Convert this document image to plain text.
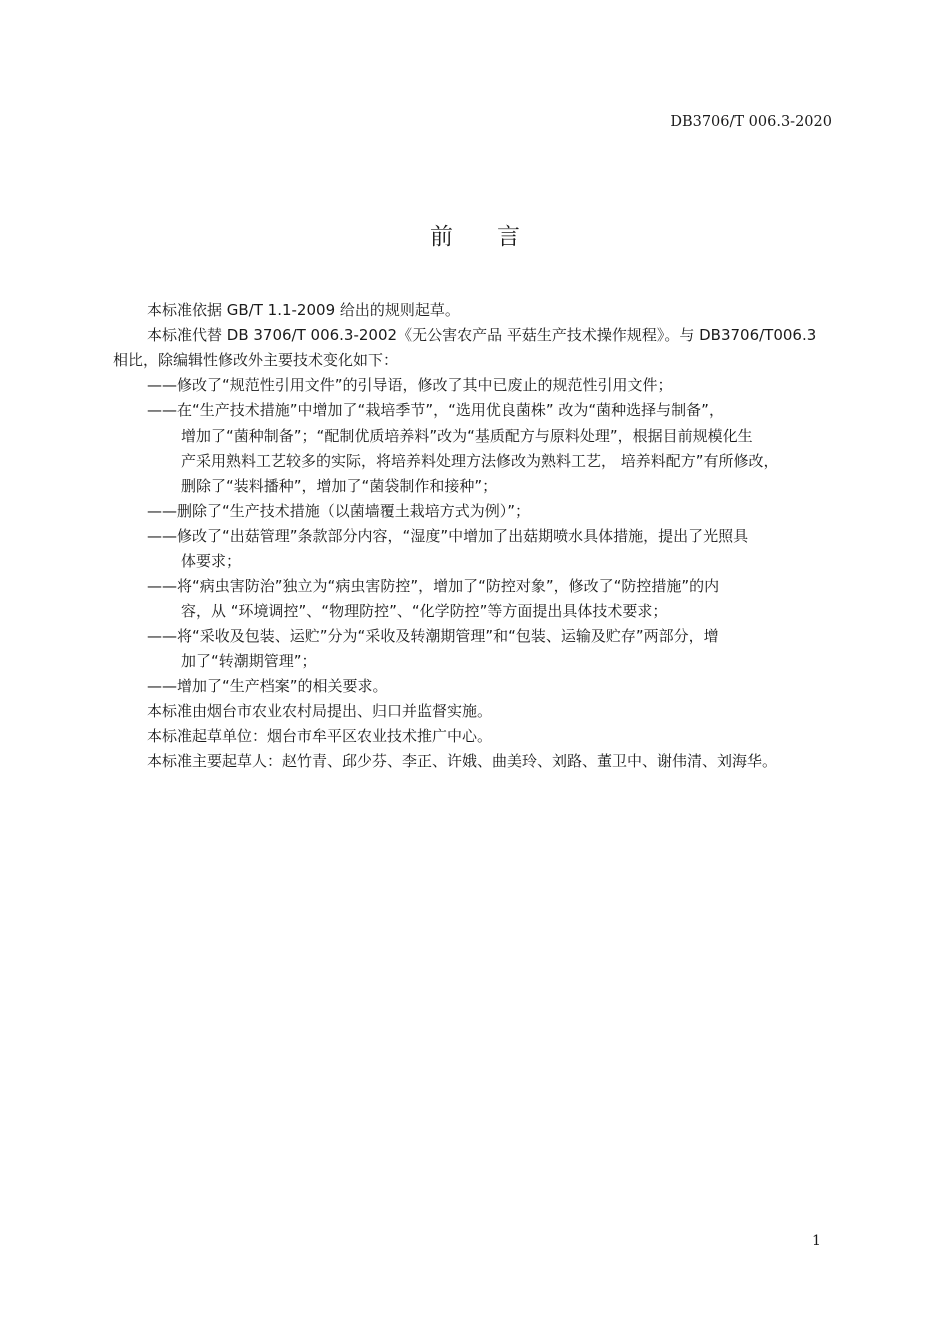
DB3706/T 006.3-2020
前言
本标准依据 GB/T 1.1-2009 给出的规则起草。
本标准代替 DB 3706/T 006.3-2002《无公害农产品 平菇生产技术操作规程》。与 DB3706/T006.3
相比，除编辑性修改外主要技术变化如下：
——修改了“规范性引用文件”的引导语，修改了其中已废止的规范性引用文件；
——在“生产技术措施”中增加了“栽培季节”，“选用优良菌株” 改为“菌种选择与制备”，
增加了“菌种制备”；“配制优质培养料”改为“基质配方与原料处理”，根据目前规模化生
产采用熟料工艺较多的实际，将培养料处理方法修改为熟料工艺， 培养料配方”有所修改，
删除了“装料播种”，增加了“菌袋制作和接种”；
——删除了“生产技术措施（以菌墙覆土栽培方式为例）”；
——修改了“出菇管理”条款部分内容，“湿度”中增加了出菇期喷水具体措施，提出了光照具
体要求；
——将“病虫害防治”独立为“病虫害防控”，增加了“防控对象”，修改了“防控措施”的内
容，从 “环境调控”、“物理防控”、“化学防控”等方面提出具体技术要求；
——将“采收及包装、运贮”分为“采收及转潮期管理”和“包装、运输及贮存”两部分，增
加了“转潮期管理”；
——增加了“生产档案”的相关要求。
本标准由烟台市农业农村局提出、归口并监督实施。
本标准起草单位：烟台市牟平区农业技术推广中心。
本标准主要起草人：赵竹青、邱少芬、李正、许娥、曲美玲、刘路、董卫中、谢伟清、刘海华。
1
